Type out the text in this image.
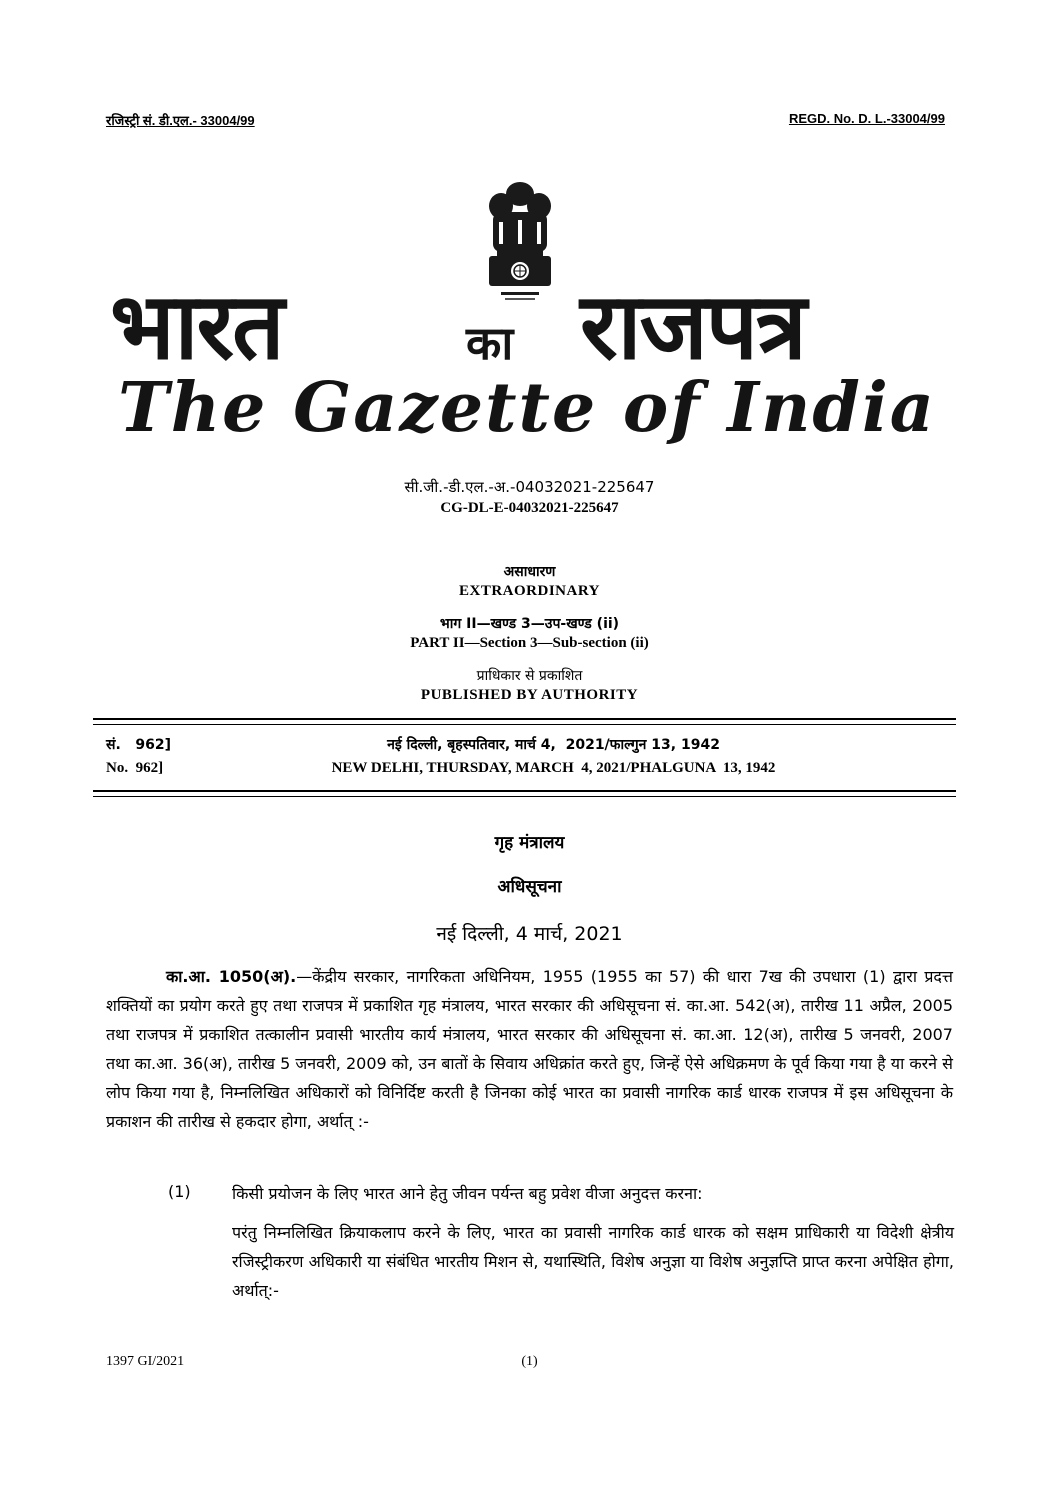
रजिस्ट्री सं. डी.एल.- 33004/99	REGD. No. D. L.-33004/99
भारत	का राजपत्र
The Gazette of India
सी.जी.-डी.एल.-अ.-04032021-225647
CG-DL-E-04032021-225647
असाधारण
EXTRAORDINARY
भाग II—खण्ड 3—उप-खण्ड (ii)
PART II—Section 3—Sub-section (ii)
प्राधिकार से प्रकाशित
PUBLISHED BY AUTHORITY
सं.   962]
No.  962]
नई दिल्ली, बृहस्पतिवार, मार्च 4,  2021/फाल्गुन 13, 1942
NEW DELHI, THURSDAY, MARCH  4, 2021/PHALGUNA  13, 1942
गृह मंत्रालय
अधिसूचना
नई दिल्ली, 4 मार्च, 2021
का.आ. 1050(अ).—केंद्रीय सरकार, नागरिकता अधिनियम, 1955 (1955 का 57) की धारा 7ख की उपधारा (1) द्वारा प्रदत्त शक्तियों का प्रयोग करते हुए तथा राजपत्र में प्रकाशित गृह मंत्रालय, भारत सरकार की अधिसूचना सं. का.आ. 542(अ), तारीख 11 अप्रैल, 2005 तथा राजपत्र में प्रकाशित तत्कालीन प्रवासी भारतीय कार्य मंत्रालय, भारत सरकार की अधिसूचना सं. का.आ. 12(अ), तारीख 5 जनवरी, 2007 तथा का.आ. 36(अ), तारीख 5 जनवरी, 2009 को, उन बातों के सिवाय अधिक्रांत करते हुए, जिन्हें ऐसे अधिक्रमण के पूर्व किया गया है या करने से लोप किया गया है, निम्नलिखित अधिकारों को विनिर्दिष्ट करती है जिनका कोई भारत का प्रवासी नागरिक कार्ड धारक राजपत्र में इस अधिसूचना के प्रकाशन की तारीख से हकदार होगा, अर्थात् :-
(1)	किसी प्रयोजन के लिए भारत आने हेतु जीवन पर्यन्त बहु प्रवेश वीजा अनुदत्त करना:
परंतु निम्नलिखित क्रियाकलाप करने के लिए, भारत का प्रवासी नागरिक कार्ड धारक को सक्षम प्राधिकारी या विदेशी क्षेत्रीय रजिस्ट्रीकरण अधिकारी या संबंधित भारतीय मिशन से, यथास्थिति, विशेष अनुज्ञा या विशेष अनुज्ञप्ति प्राप्त करना अपेक्षित होगा, अर्थात्:-
1397 GI/2021	(1)
